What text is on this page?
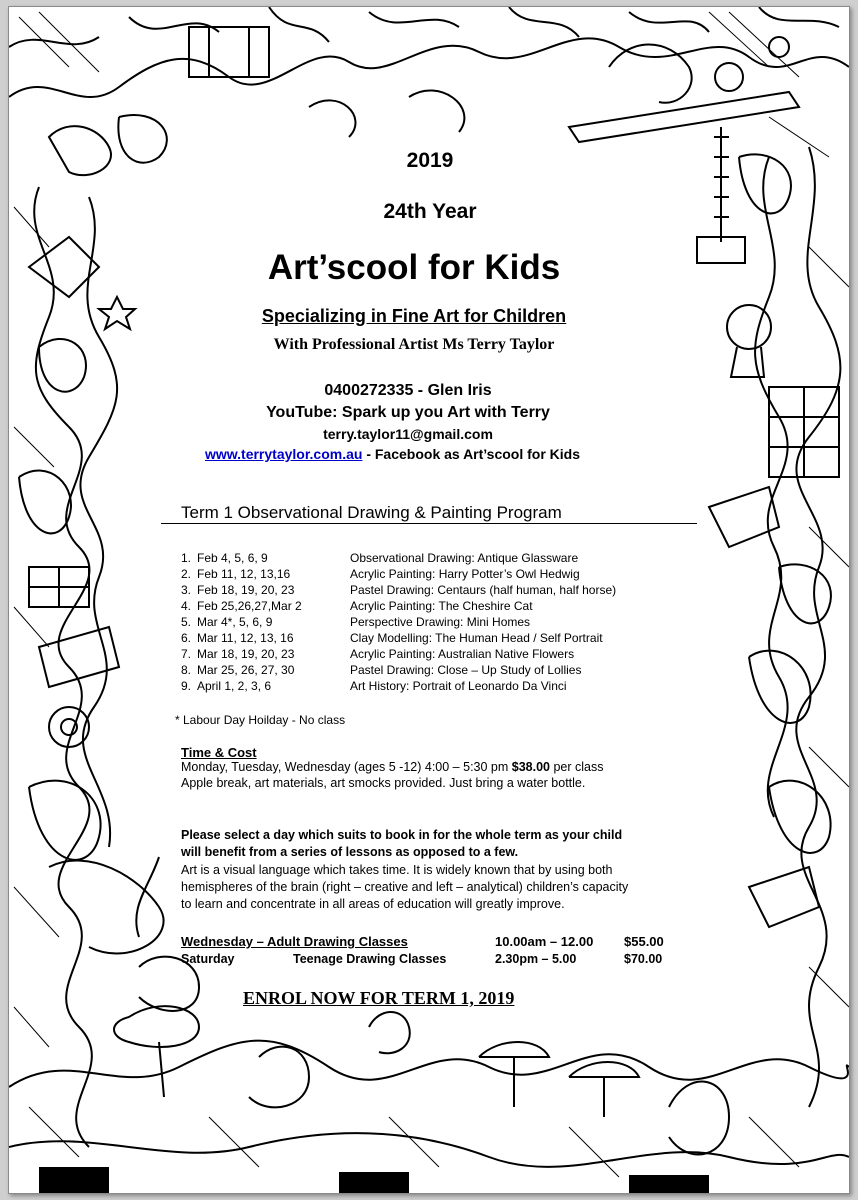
2019
24th Year
Art’scool for Kids
Specializing in Fine Art for Children
With Professional Artist Ms Terry Taylor
0400272335 - Glen Iris
YouTube: Spark up you Art with Terry
terry.taylor11@gmail.com
www.terrytaylor.com.au - Facebook as Art’scool for Kids
Term 1 Observational Drawing & Painting Program
1. Feb 4, 5, 6, 9	Observational Drawing: Antique Glassware
2. Feb 11, 12, 13,16	Acrylic Painting: Harry Potter’s Owl Hedwig
3. Feb 18, 19, 20, 23	Pastel Drawing: Centaurs (half human, half horse)
4. Feb 25,26,27,Mar 2	Acrylic Painting: The Cheshire Cat
5. Mar 4*, 5, 6, 9	Perspective Drawing: Mini Homes
6. Mar 11, 12, 13, 16	Clay Modelling: The Human Head / Self Portrait
7. Mar 18, 19, 20, 23	Acrylic Painting: Australian Native Flowers
8. Mar 25, 26, 27, 30	Pastel Drawing: Close – Up Study of Lollies
9. April 1, 2, 3, 6	Art History: Portrait of Leonardo Da Vinci
* Labour Day Hoilday - No class
Time & Cost
Monday, Tuesday, Wednesday (ages 5 -12) 4:00 – 5:30 pm $38.00 per class
Apple break, art materials, art smocks provided. Just bring a water bottle.
Please select a day which suits to book in for the whole term as your child
will benefit from a series of lessons as opposed to a few.
Art is a visual language which takes time. It is widely known that by using both
hemispheres of the brain (right – creative and left – analytical) children’s capacity
to learn and concentrate in all areas of education will greatly improve.
Wednesday – Adult Drawing Classes	10.00am – 12.00 $55.00
Saturday	Teenage Drawing Classes	2.30pm – 5.00	$70.00
ENROL NOW FOR TERM 1, 2019
